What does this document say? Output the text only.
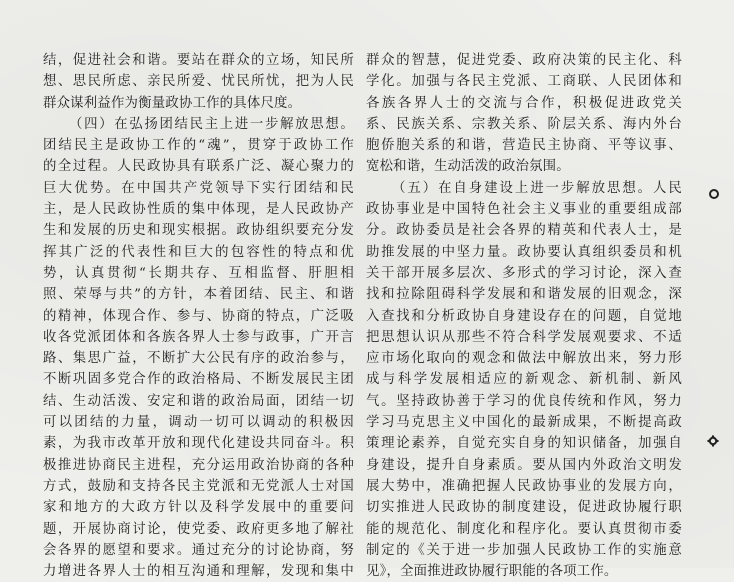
结，促进社会和谐。要站在群众的立场，知民所
想、思民所虑、亲民所爱、忧民所忧，把为人民
群众谋利益作为衡量政协工作的具体尺度。
（四）在弘扬团结民主上进一步解放思想。
团结民主是政协工作的“魂”，贯穿于政协工作
的全过程。人民政协具有联系广泛、凝心聚力的
巨大优势。在中国共产党领导下实行团结和民
主，是人民政协性质的集中体现，是人民政协产
生和发展的历史和现实根据。政协组织要充分发
挥其广泛的代表性和巨大的包容性的特点和优
势，认真贯彻“长期共存、互相监督、肝胆相
照、荣辱与共”的方针，本着团结、民主、和谐
的精神，体现合作、参与、协商的特点，广泛吸
收各党派团体和各族各界人士参与政事，广开言
路、集思广益，不断扩大公民有序的政治参与，
不断巩固多党合作的政治格局、不断发展民主团
结、生动活泼、安定和谐的政治局面，团结一切
可以团结的力量，调动一切可以调动的积极因
素，为我市改革开放和现代化建设共同奋斗。积
极推进协商民主进程，充分运用政治协商的各种
方式，鼓励和支持各民主党派和无党派人士对国
家和地方的大政方针以及科学发展中的重要问
题，开展协商讨论，使党委、政府更多地了解社
会各界的愿望和要求。通过充分的讨论协商，努
力增进各界人士的相互沟通和理解，发现和集中
群众的智慧，促进党委、政府决策的民主化、科
学化。加强与各民主党派、工商联、人民团体和
各族各界人士的交流与合作，积极促进政党关
系、民族关系、宗教关系、阶层关系、海内外台
胞侨胞关系的和谐，营造民主协商、平等议事、
宽松和谐，生动活泼的政治氛围。
（五）在自身建设上进一步解放思想。人民
政协事业是中国特色社会主义事业的重要组成部
分。政协委员是社会各界的精英和代表人士，是
助推发展的中坚力量。政协要认真组织委员和机
关干部开展多层次、多形式的学习讨论，深入查
找和拉除阻碍科学发展和和谐发展的旧观念，深
入查找和分析政协自身建设存在的问题，自觉地
把思想认识从那些不符合科学发展观要求、不适
应市场化取向的观念和做法中解放出来，努力形
成与科学发展相适应的新观念、新机制、新风
气。坚持政协善于学习的优良传统和作风，努力
学习马克思主义中国化的最新成果，不断提高政
策理论素养，自觉充实自身的知识储备，加强自
身建设，提升自身素质。要从国内外政治文明发
展大势中，准确把握人民政协事业的发展方向，
切实推进人民政协的制度建设，促进政协履行职
能的规范化、制度化和程序化。要认真贯彻市委
制定的《关于进一步加强人民政协工作的实施意
见》，全面推进政协履行职能的各项工作。
